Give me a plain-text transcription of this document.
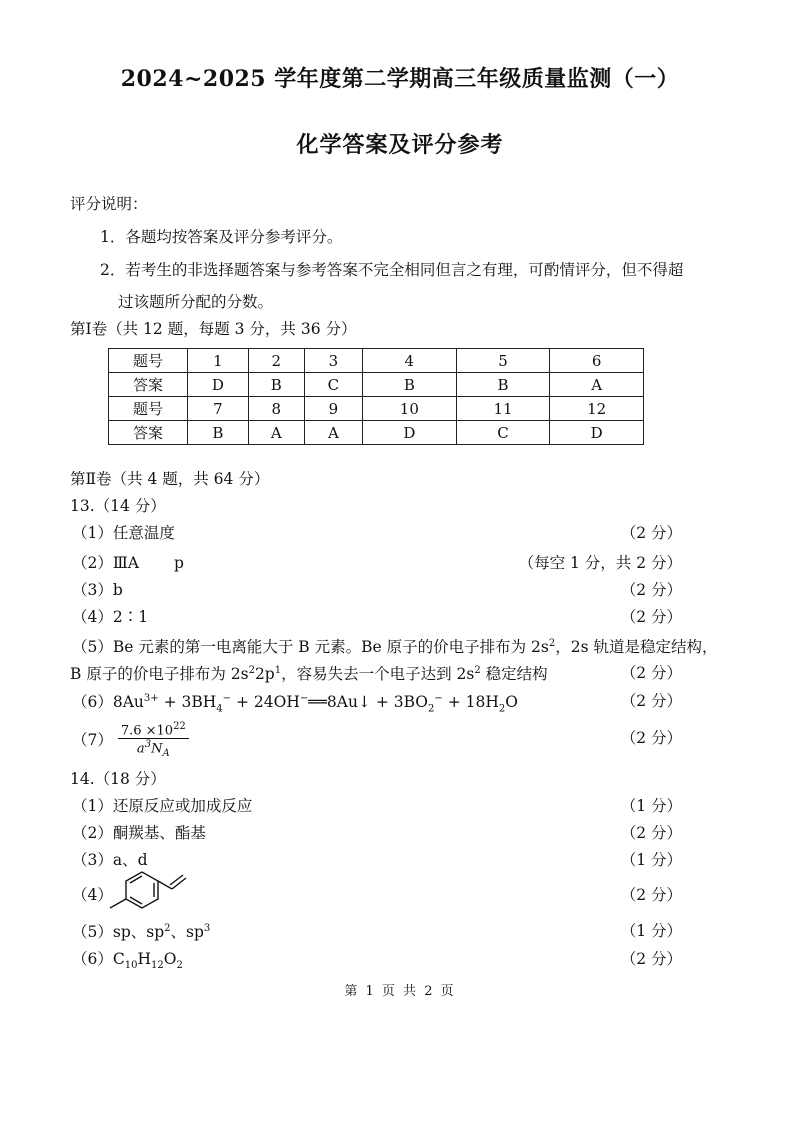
2024~2025 学年度第二学期高三年级质量监测（一）
化学答案及评分参考
评分说明：
1．各题均按答案及评分参考评分。
2．若考生的非选择题答案与参考答案不完全相同但言之有理，可酌情评分，但不得超
过该题所分配的分数。
第Ⅰ卷（共 12 题，每题 3 分，共 36 分）
题号	1	2	3	4	5	6
答案	D	B	C	B	B	A
题号	7	8	9	10	11	12
答案	B	A	A	D	C	D
第Ⅱ卷（共 4 题，共 64 分）
13.（14 分）
（1）任意温度	（2 分）
（2）ⅢA p	（每空 1 分，共 2 分）
（3）b	（2 分）
（4）2∶1	（2 分）
（5）Be 元素的第一电离能大于 B 元素。Be 原子的价电子排布为 $2s^2$，2s 轨道是稳定结构，
B 原子的价电子排布为 $2s^22p^1$，容易失去一个电子达到 $2s^2$ 稳定结构	（2 分）
$(6)8Au^{3+} + 3BH_4^-$ + 24OH−══8Au↓ + $3BO_2^- + 18H_2O$	（2 分）
$(7) \frac{7.6 \times 10^{22}}{a^3N_A}$	（2 分）
14.（18 分）
（1）还原反应或加成反应	（1 分）
（2）酮羰基、酯基	（2 分）
（3）a、d	（1 分）
（4）	（2 分）
（5）sp、$sp^2$、$sp^3$	（1 分）
$(6)C_{10}H_{12}O_2$	（2 分）
第 1 页 共 2 页
